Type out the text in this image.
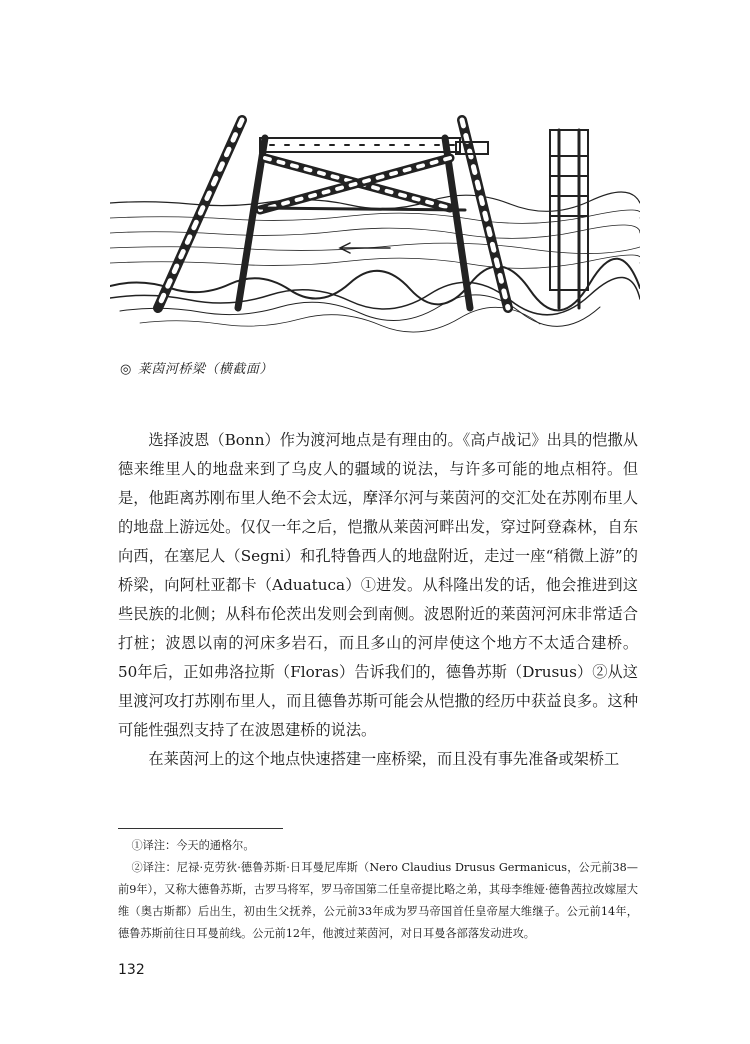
◎ 莱茵河桥梁（横截面）

选择波恩（Bonn）作为渡河地点是有理由的。《高卢战记》出具的恺撒从德来维里人的地盘来到了乌皮人的疆域的说法，与许多可能的地点相符。但是，他距离苏刚布里人绝不会太远，摩泽尔河与莱茵河的交汇处在苏刚布里人的地盘上游远处。仅仅一年之后，恺撒从莱茵河畔出发，穿过阿登森林，自东向西，在塞尼人（Segni）和孔特鲁西人的地盘附近，走过一座“稍微上游”的桥梁，向阿杜亚都卡（Aduatuca）①进发。从科隆出发的话，他会推进到这些民族的北侧；从科布伦茨出发则会到南侧。波恩附近的莱茵河河床非常适合打桩；波恩以南的河床多岩石，而且多山的河岸使这个地方不太适合建桥。50年后，正如弗洛拉斯（Floras）告诉我们的，德鲁苏斯（Drusus）②从这里渡河攻打苏刚布里人，而且德鲁苏斯可能会从恺撒的经历中获益良多。这种可能性强烈支持了在波恩建桥的说法。

在莱茵河上的这个地点快速搭建一座桥梁，而且没有事先准备或架桥工

①译注：今天的通格尔。

②译注：尼禄·克劳狄·德鲁苏斯·日耳曼尼库斯（Nero Claudius Drusus Germanicus，公元前38—前9年），又称大德鲁苏斯，古罗马将军，罗马帝国第二任皇帝提比略之弟，其母李维娅·德鲁茜拉改嫁屋大维（奥古斯都）后出生，初由生父抚养，公元前33年成为罗马帝国首任皇帝屋大维继子。公元前14年，德鲁苏斯前往日耳曼前线。公元前12年，他渡过莱茵河，对日耳曼各部落发动进攻。

132
